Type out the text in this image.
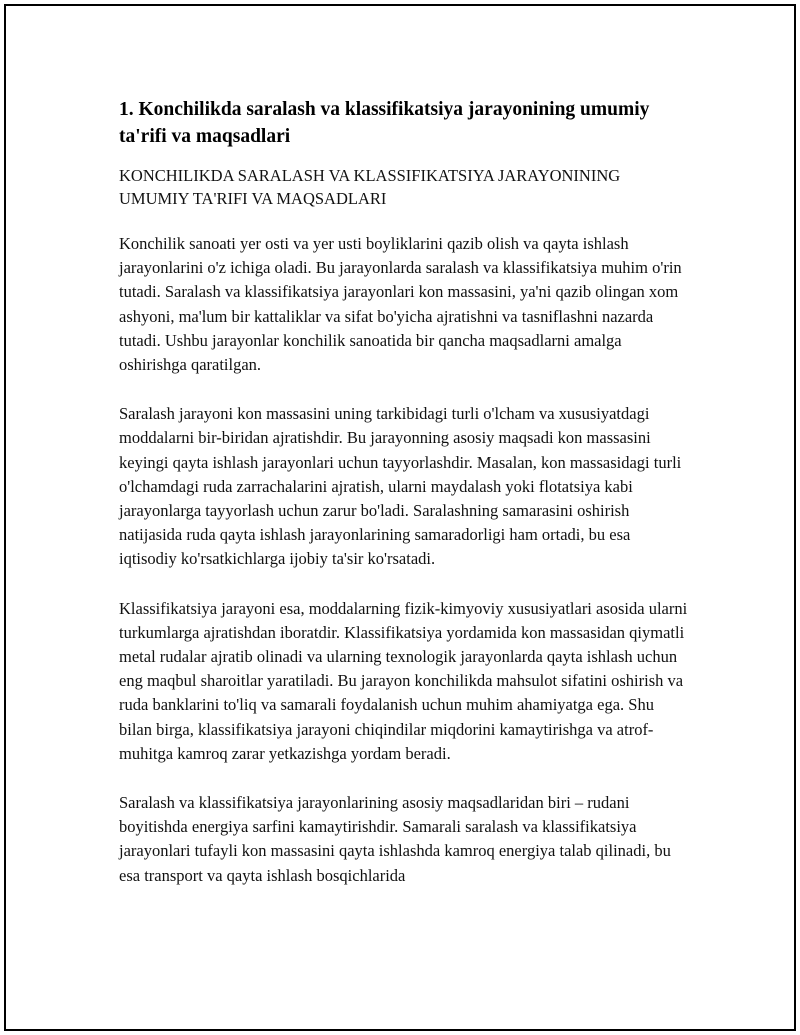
1. Konchilikda saralash va klassifikatsiya jarayonining umumiy ta'rifi va maqsadlari
KONCHILIKDA SARALASH VA KLASSIFIKATSIYA JARAYONINING UMUMIY TA'RIFI VA MAQSADLARI

Konchilik sanoati yer osti va yer usti boyliklarini qazib olish va qayta ishlash jarayonlarini o'z ichiga oladi. Bu jarayonlarda saralash va klassifikatsiya muhim o'rin tutadi. Saralash va klassifikatsiya jarayonlari kon massasini, ya'ni qazib olingan xom ashyoni, ma'lum bir kattaliklar va sifat bo'yicha ajratishni va tasniflashni nazarda tutadi. Ushbu jarayonlar konchilik sanoatida bir qancha maqsadlarni amalga oshirishga qaratilgan.

Saralash jarayoni kon massasini uning tarkibidagi turli o'lcham va xususiyatdagi moddalarni bir-biridan ajratishdir. Bu jarayonning asosiy maqsadi kon massasini keyingi qayta ishlash jarayonlari uchun tayyorlashdir. Masalan, kon massasidagi turli o'lchamdagi ruda zarrachalarini ajratish, ularni maydalash yoki flotatsiya kabi jarayonlarga tayyorlash uchun zarur bo'ladi. Saralashning samarasini oshirish natijasida ruda qayta ishlash jarayonlarining samaradorligi ham ortadi, bu esa iqtisodiy ko'rsatkichlarga ijobiy ta'sir ko'rsatadi.

Klassifikatsiya jarayoni esa, moddalarning fizik-kimyoviy xususiyatlari asosida ularni turkumlarga ajratishdan iboratdir. Klassifikatsiya yordamida kon massasidan qiymatli metal rudalar ajratib olinadi va ularning texnologik jarayonlarda qayta ishlash uchun eng maqbul sharoitlar yaratiladi. Bu jarayon konchilikda mahsulot sifatini oshirish va ruda banklarini to'liq va samarali foydalanish uchun muhim ahamiyatga ega. Shu bilan birga, klassifikatsiya jarayoni chiqindilar miqdorini kamaytirishga va atrof-muhitga kamroq zarar yetkazishga yordam beradi.

Saralash va klassifikatsiya jarayonlarining asosiy maqsadlaridan biri – rudani boyitishda energiya sarfini kamaytirishdir. Samarali saralash va klassifikatsiya jarayonlari tufayli kon massasini qayta ishlashda kamroq energiya talab qilinadi, bu esa transport va qayta ishlash bosqichlarida
